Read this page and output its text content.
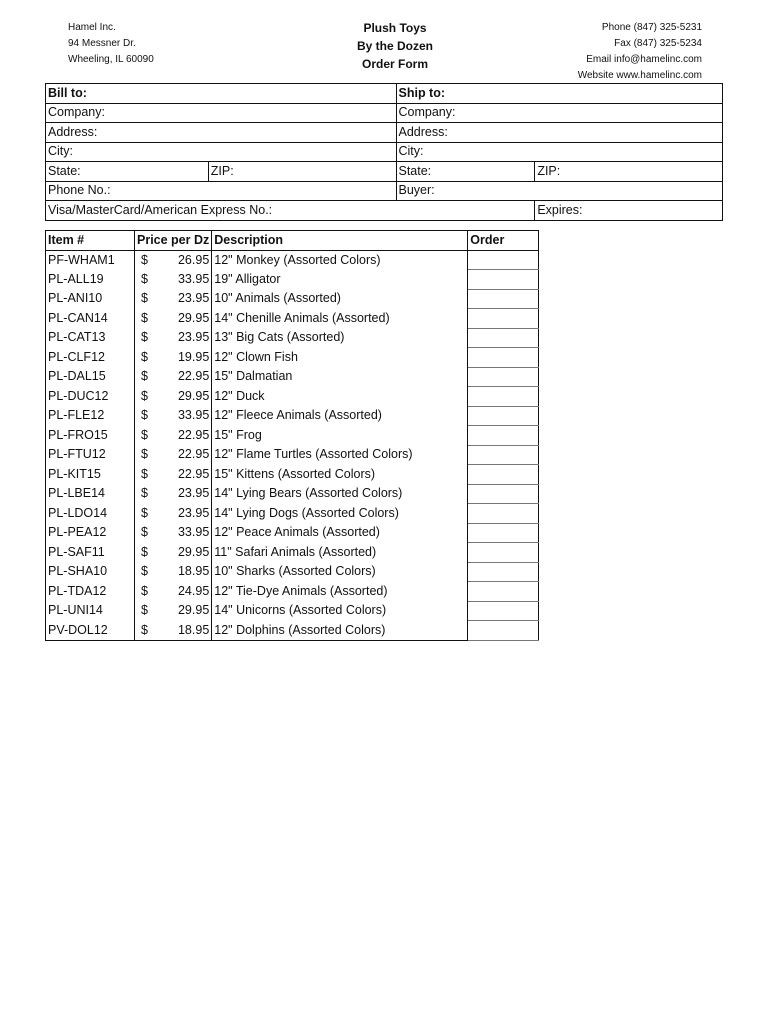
Hamel Inc.
94 Messner Dr.
Wheeling, IL 60090
Plush Toys
By the Dozen
Order Form
Phone (847) 325-5231
Fax (847) 325-5234
Email info@hamelinc.com
Website www.hamelinc.com
Bill to:		Ship to:	
Company:		Company:	
Address:		Address:	
City:		City:	
State:	ZIP:	State:	ZIP:
Phone No.:		Buyer:	
Visa/MasterCard/American Express No.:			Expires:
Item #	Price per Dz	Description	Order
PF-WHAM1	$ 26.95	12" Monkey (Assorted Colors)	
PL-ALL19	$ 33.95	19" Alligator	
PL-ANI10	$ 23.95	10" Animals (Assorted)	
PL-CAN14	$ 29.95	14" Chenille Animals (Assorted)	
PL-CAT13	$ 23.95	13" Big Cats (Assorted)	
PL-CLF12	$ 19.95	12" Clown Fish	
PL-DAL15	$ 22.95	15" Dalmatian	
PL-DUC12	$ 29.95	12" Duck	
PL-FLE12	$ 33.95	12" Fleece Animals (Assorted)	
PL-FRO15	$ 22.95	15" Frog	
PL-FTU12	$ 22.95	12" Flame Turtles (Assorted Colors)	
PL-KIT15	$ 22.95	15" Kittens (Assorted Colors)	
PL-LBE14	$ 23.95	14" Lying Bears (Assorted Colors)	
PL-LDO14	$ 23.95	14" Lying Dogs (Assorted Colors)	
PL-PEA12	$ 33.95	12" Peace Animals (Assorted)	
PL-SAF11	$ 29.95	11" Safari Animals (Assorted)	
PL-SHA10	$ 18.95	10" Sharks (Assorted Colors)	
PL-TDA12	$ 24.95	12" Tie-Dye Animals (Assorted)	
PL-UNI14	$ 29.95	14" Unicorns (Assorted Colors)	
PV-DOL12	$ 18.95	12" Dolphins (Assorted Colors)	
